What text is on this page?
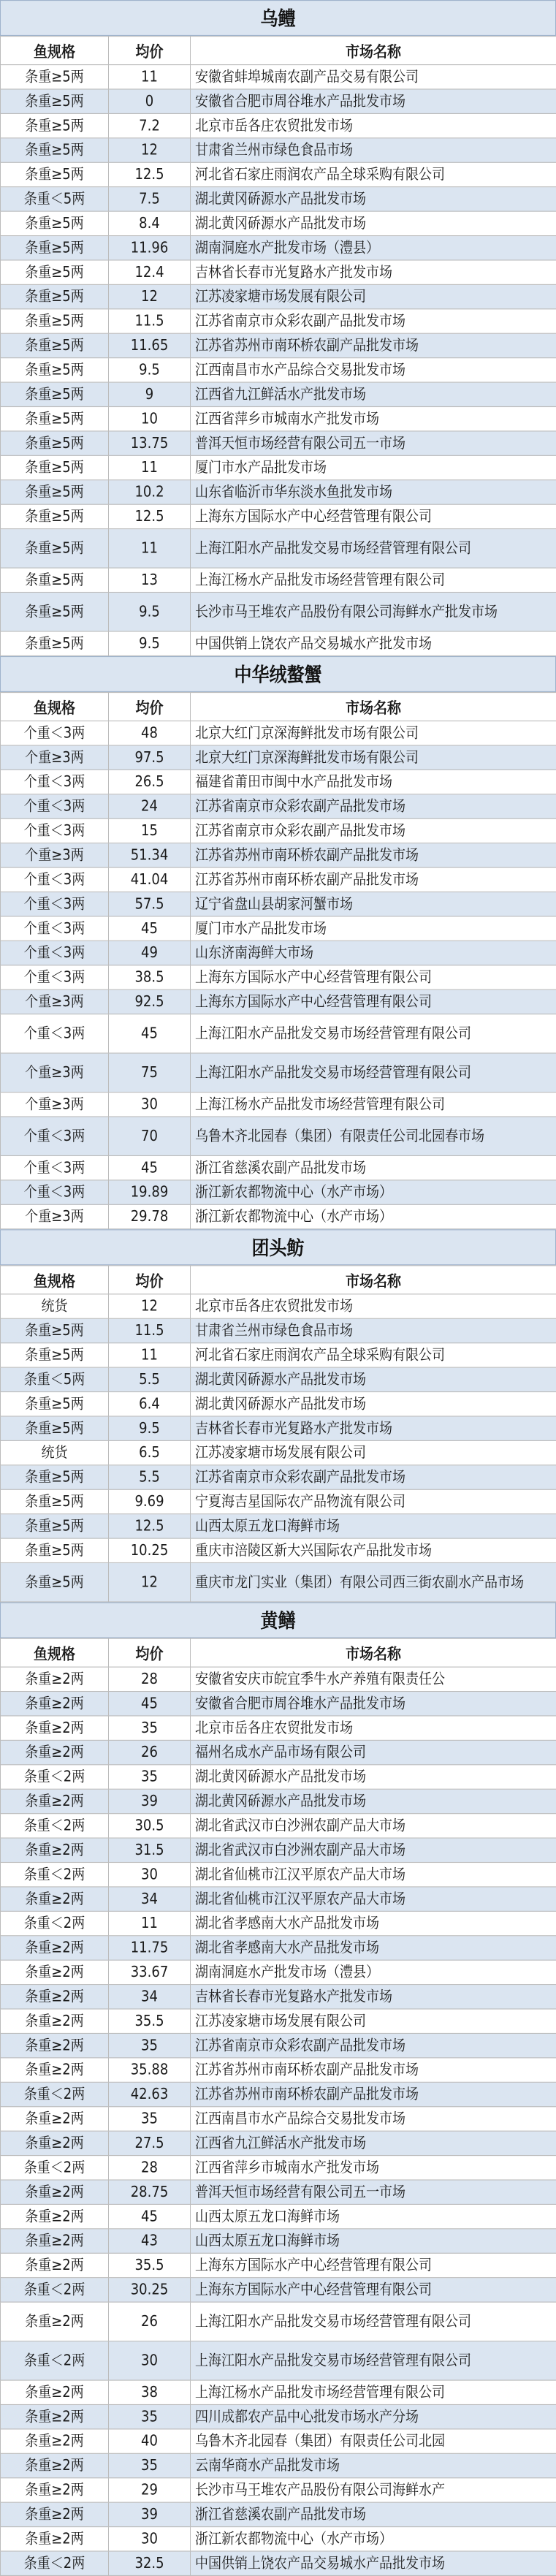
乌鳢
鱼规格	均价	市场名称
条重≥5两	11	安徽省蚌埠城南农副产品交易有限公司
条重≥5两	0	安徽省合肥市周谷堆水产品批发市场
条重≥5两	7.2	北京市岳各庄农贸批发市场
条重≥5两	12	甘肃省兰州市绿色食品市场
条重≥5两	12.5	河北省石家庄雨润农产品全球采购有限公司
条重＜5两	7.5	湖北黄冈硚源水产品批发市场
条重≥5两	8.4	湖北黄冈硚源水产品批发市场
条重≥5两	11.96	湖南洞庭水产批发市场（澧县）
条重≥5两	12.4	吉林省长春市光复路水产批发市场
条重≥5两	12	江苏凌家塘市场发展有限公司
条重≥5两	11.5	江苏省南京市众彩农副产品批发市场
条重≥5两	11.65	江苏省苏州市南环桥农副产品批发市场
条重≥5两	9.5	江西南昌市水产品综合交易批发市场
条重≥5两	9	江西省九江鲜活水产批发市场
条重≥5两	10	江西省萍乡市城南水产批发市场
条重≥5两	13.75	普洱天恒市场经营有限公司五一市场
条重≥5两	11	厦门市水产品批发市场
条重≥5两	10.2	山东省临沂市华东淡水鱼批发市场
条重≥5两	12.5	上海东方国际水产中心经营管理有限公司
条重≥5两	11	上海江阳水产品批发交易市场经营管理有限公司
条重≥5两	13	上海江杨水产品批发市场经营管理有限公司
条重≥5两	9.5	长沙市马王堆农产品股份有限公司海鲜水产批发市场
条重≥5两	9.5	中国供销上饶农产品交易城水产批发市场
中华绒螯蟹
鱼规格	均价	市场名称
个重＜3两	48	北京大红门京深海鲜批发市场有限公司
个重≥3两	97.5	北京大红门京深海鲜批发市场有限公司
个重＜3两	26.5	福建省莆田市闽中水产品批发市场
个重＜3两	24	江苏省南京市众彩农副产品批发市场
个重＜3两	15	江苏省南京市众彩农副产品批发市场
个重≥3两	51.34	江苏省苏州市南环桥农副产品批发市场
个重＜3两	41.04	江苏省苏州市南环桥农副产品批发市场
个重＜3两	57.5	辽宁省盘山县胡家河蟹市场
个重＜3两	45	厦门市水产品批发市场
个重＜3两	49	山东济南海鲜大市场
个重＜3两	38.5	上海东方国际水产中心经营管理有限公司
个重≥3两	92.5	上海东方国际水产中心经营管理有限公司
个重＜3两	45	上海江阳水产品批发交易市场经营管理有限公司
个重≥3两	75	上海江阳水产品批发交易市场经营管理有限公司
个重≥3两	30	上海江杨水产品批发市场经营管理有限公司
个重＜3两	70	乌鲁木齐北园春（集团）有限责任公司北园春市场
个重＜3两	45	浙江省慈溪农副产品批发市场
个重＜3两	19.89	浙江新农都物流中心（水产市场）
个重≥3两	29.78	浙江新农都物流中心（水产市场）
团头鲂
鱼规格	均价	市场名称
统货	12	北京市岳各庄农贸批发市场
条重≥5两	11.5	甘肃省兰州市绿色食品市场
条重≥5两	11	河北省石家庄雨润农产品全球采购有限公司
条重＜5两	5.5	湖北黄冈硚源水产品批发市场
条重≥5两	6.4	湖北黄冈硚源水产品批发市场
条重≥5两	9.5	吉林省长春市光复路水产批发市场
统货	6.5	江苏凌家塘市场发展有限公司
条重≥5两	5.5	江苏省南京市众彩农副产品批发市场
条重≥5两	9.69	宁夏海吉星国际农产品物流有限公司
条重≥5两	12.5	山西太原五龙口海鲜市场
条重≥5两	10.25	重庆市涪陵区新大兴国际农产品批发市场
条重≥5两	12	重庆市龙门实业（集团）有限公司西三街农副水产品市场
黄鳝
鱼规格	均价	市场名称
条重≥2两	28	安徽省安庆市皖宜季牛水产养殖有限责任公
条重≥2两	45	安徽省合肥市周谷堆水产品批发市场
条重≥2两	35	北京市岳各庄农贸批发市场
条重≥2两	26	福州名成水产品市场有限公司
条重＜2两	35	湖北黄冈硚源水产品批发市场
条重≥2两	39	湖北黄冈硚源水产品批发市场
条重＜2两	30.5	湖北省武汉市白沙洲农副产品大市场
条重≥2两	31.5	湖北省武汉市白沙洲农副产品大市场
条重＜2两	30	湖北省仙桃市江汉平原农产品大市场
条重≥2两	34	湖北省仙桃市江汉平原农产品大市场
条重＜2两	11	湖北省孝感南大水产品批发市场
条重≥2两	11.75	湖北省孝感南大水产品批发市场
条重≥2两	33.67	湖南洞庭水产批发市场（澧县）
条重≥2两	34	吉林省长春市光复路水产批发市场
条重≥2两	35.5	江苏凌家塘市场发展有限公司
条重≥2两	35	江苏省南京市众彩农副产品批发市场
条重≥2两	35.88	江苏省苏州市南环桥农副产品批发市场
条重＜2两	42.63	江苏省苏州市南环桥农副产品批发市场
条重≥2两	35	江西南昌市水产品综合交易批发市场
条重≥2两	27.5	江西省九江鲜活水产批发市场
条重＜2两	28	江西省萍乡市城南水产批发市场
条重≥2两	28.75	普洱天恒市场经营有限公司五一市场
条重≥2两	45	山西太原五龙口海鲜市场
条重≥2两	43	山西太原五龙口海鲜市场
条重≥2两	35.5	上海东方国际水产中心经营管理有限公司
条重＜2两	30.25	上海东方国际水产中心经营管理有限公司
条重≥2两	26	上海江阳水产品批发交易市场经营管理有限公司
条重＜2两	30	上海江阳水产品批发交易市场经营管理有限公司
条重≥2两	38	上海江杨水产品批发市场经营管理有限公司
条重≥2两	35	四川成都农产品中心批发市场水产分场
条重≥2两	40	乌鲁木齐北园春（集团）有限责任公司北园
条重≥2两	35	云南华商水产品批发市场
条重≥2两	29	长沙市马王堆农产品股份有限公司海鲜水产
条重≥2两	39	浙江省慈溪农副产品批发市场
条重≥2两	30	浙江新农都物流中心（水产市场）
条重＜2两	32.5	中国供销上饶农产品交易城水产品批发市场
